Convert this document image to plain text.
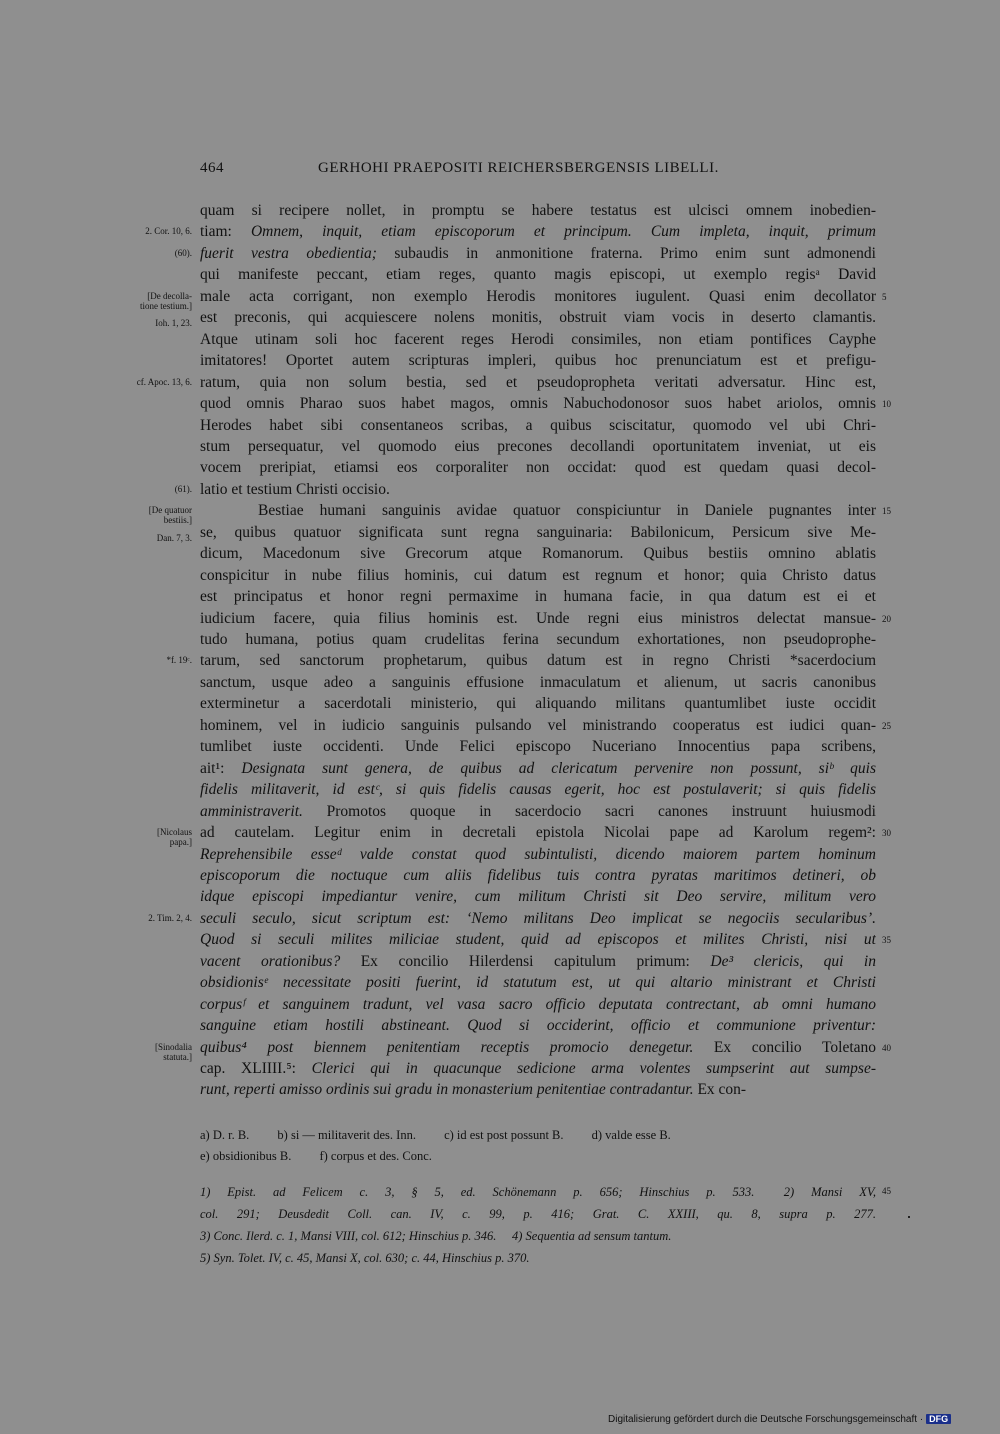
464	GERHOHI PRAEPOSITI REICHERSBERGENSIS LIBELLI.
quam si recipere nollet, in promptu se habere testatus est ulcisci omnem inobedien-
tiam: Omnem, inquit, etiam episcoporum et principum. Cum impleta, inquit, primum
fuerit vestra obedientia; subaudis in anmonitione fraterna. Primo enim sunt admonendi
qui manifeste peccant, etiam reges, quanto magis episcopi, ut exemplo regisᵃ David
male acta corrigant, non exemplo Herodis monitores iugulent. Quasi enim decollator
est preconis, qui acquiescere nolens monitis, obstruit viam vocis in deserto clamantis.
Atque utinam soli hoc facerent reges Herodi consimiles, non etiam pontifices Cayphe
imitatores! Oportet autem scripturas impleri, quibus hoc prenunciatum est et prefigu-
ratum, quia non solum bestia, sed et pseudopropheta veritati adversatur. Hinc est,
quod omnis Pharao suos habet magos, omnis Nabuchodonosor suos habet ariolos, omnis
Herodes habet sibi consentaneos scribas, a quibus sciscitatur, quomodo vel ubi Chri-
stum persequatur, vel quomodo eius precones decollandi oportunitatem inveniat, ut eis
vocem preripiat, etiamsi eos corporaliter non occidat: quod est quedam quasi decol-
latio et testium Christi occisio.
Bestiae humani sanguinis avidae quatuor conspiciuntur in Daniele pugnantes inter
se, quibus quatuor significata sunt regna sanguinaria: Babilonicum, Persicum sive Me-
dicum, Macedonum sive Grecorum atque Romanorum. Quibus bestiis omnino ablatis
conspicitur in nube filius hominis, cui datum est regnum et honor; quia Christo datus
est principatus et honor regni permaxime in humana facie, in qua datum est ei et
iudicium facere, quia filius hominis est. Unde regni eius ministros delectat mansue-
tudo humana, potius quam crudelitas ferina secundum exhortationes, non pseudoprophe-
tarum, sed sanctorum prophetarum, quibus datum est in regno Christi *sacerdocium
sanctum, usque adeo a sanguinis effusione inmaculatum et alienum, ut sacris canonibus
exterminetur a sacerdotali ministerio, qui aliquando militans quantumlibet iuste occidit
hominem, vel in iudicio sanguinis pulsando vel ministrando cooperatus est iudici quan-
tumlibet iuste occidenti. Unde Felici episcopo Nuceriano Innocentius papa scribens,
ait¹: Designata sunt genera, de quibus ad clericatum pervenire non possunt, siᵇ quis
fidelis militaverit, id estᶜ, si quis fidelis causas egerit, hoc est postulaverit; si quis fidelis
amministraverit. Promotos quoque in sacerdocio sacri canones instruunt huiusmodi
ad cautelam. Legitur enim in decretali epistola Nicolai pape ad Karolum regem²:
Reprehensibile esseᵈ valde constat quod subintulisti, dicendo maiorem partem hominum
episcoporum die noctuque cum aliis fidelibus tuis contra pyratas maritimos detineri, ob
idque episcopi impediantur venire, cum militum Christi sit Deo servire, militum vero
seculi seculo, sicut scriptum est: ‘Nemo militans Deo implicat se negociis secularibus’.
Quod si seculi milites miliciae student, quid ad episcopos et milites Christi, nisi ut
vacent orationibus? Ex concilio Hilerdensi capitulum primum: De³ clericis, qui in
obsidionisᵉ necessitate positi fuerint, id statutum est, ut qui altario ministrant et Christi
corpusᶠ et sanguinem tradunt, vel vasa sacro officio deputata contrectant, ab omni humano
sanguine etiam hostili abstineant. Quod si occiderint, officio et communione priventur:
quibus⁴ post biennem penitentiam receptis promocio denegetur. Ex concilio Toletano
cap. XLIIII.⁵: Clerici qui in quacunque sedicione arma volentes sumpserint aut sumpse-
runt, reperti amisso ordinis sui gradu in monasterium penitentiae contradantur. Ex con-
2. Cor. 10, 6.
(60).
[De decolla-
tione testium.]
Ioh. 1, 23.
cf. Apoc. 13, 6.
(61).
[De quatuor
bestiis.]
Dan. 7, 3.
*f. 19ᶜ.
[Nicolaus
papa.]
2. Tim. 2, 4.
[Sinodalia
statuta.]
5
10
15
20
25
30
35
40
a) D. r. B.   b) si — militaverit des. Inn.   c) id est post possunt B.   d) valde esse B.
e) obsidionibus B.   f) corpus et des. Conc.
1) Epist. ad Felicem c. 3, § 5, ed. Schönemann p. 656; Hinschius p. 533.  2) Mansi XV,
col. 291; Deusdedit Coll. can. IV, c. 99, p. 416; Grat. C. XXIII, qu. 8, supra p. 277.
3) Conc. Ilerd. c. 1, Mansi VIII, col. 612; Hinschius p. 346.  4) Sequentia ad sensum tantum.
5) Syn. Tolet. IV, c. 45, Mansi X, col. 630; c. 44, Hinschius p. 370.
45
Digitalisierung gefördert durch die Deutsche Forschungsgemeinschaft · DFG
